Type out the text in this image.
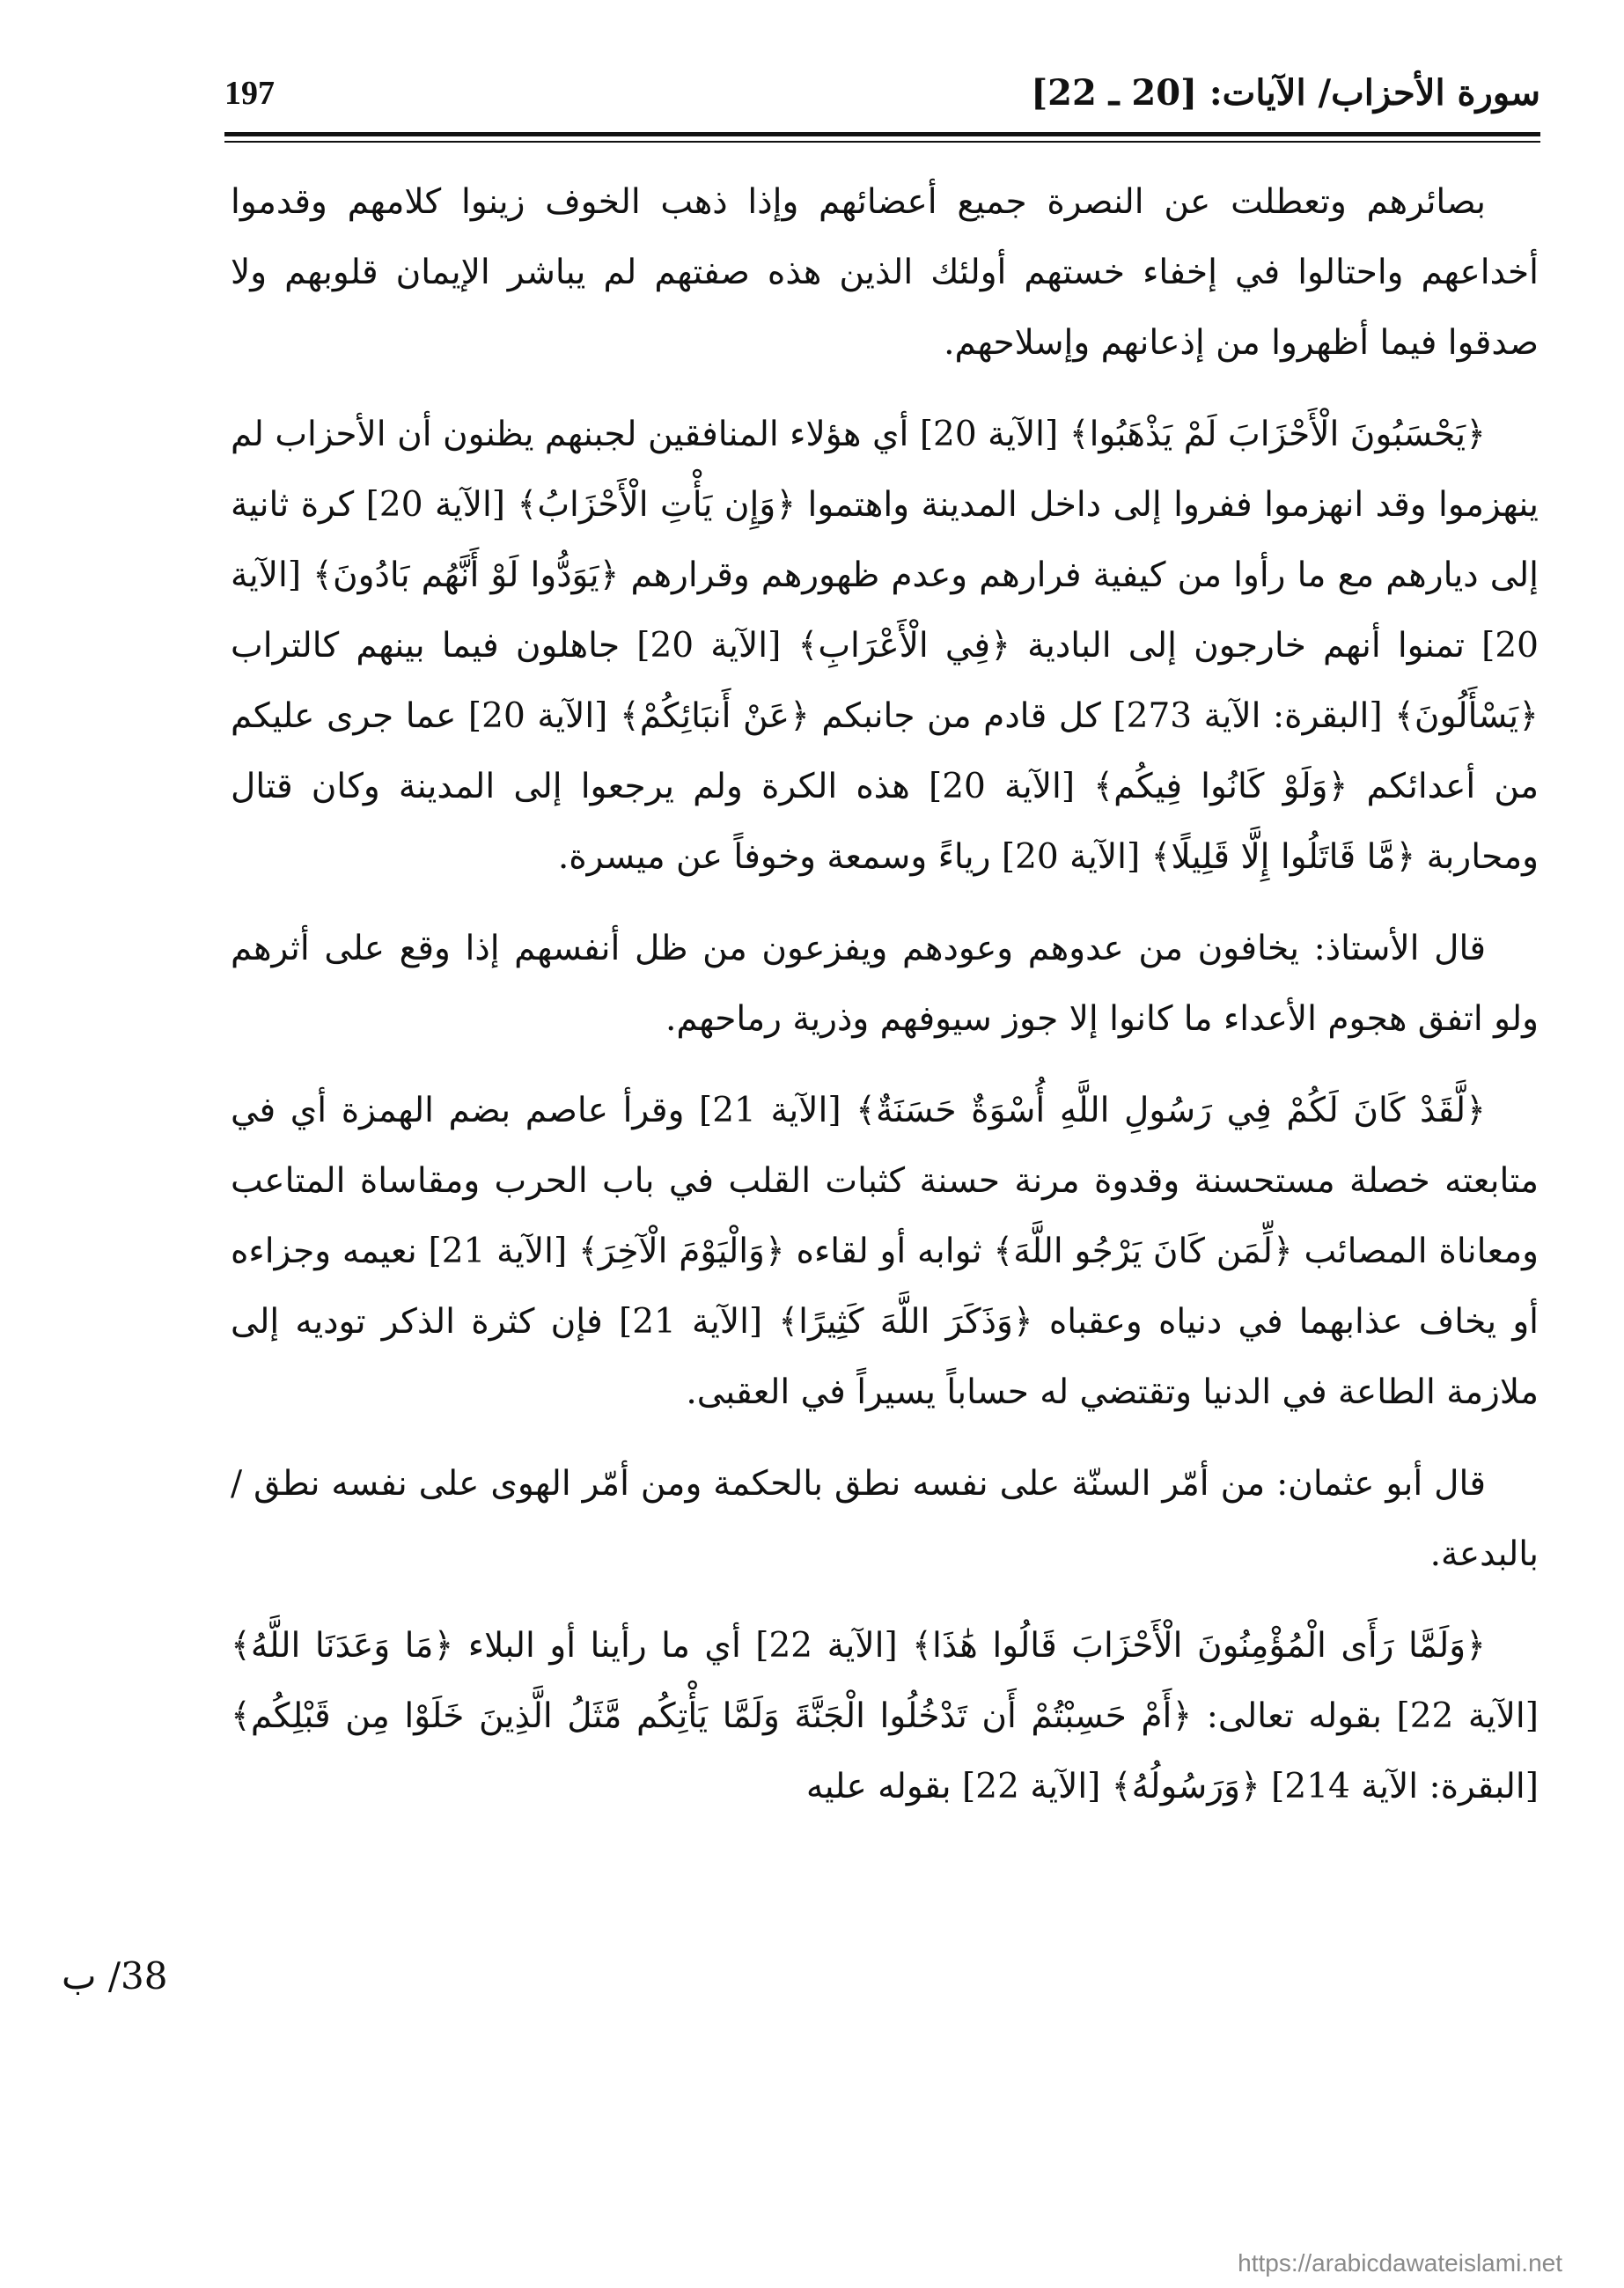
سورة الأحزاب/ الآيات: [20 ـ 22]
197

بصائرهم وتعطلت عن النصرة جميع أعضائهم وإذا ذهب الخوف زينوا كلامهم وقدموا أخداعهم واحتالوا في إخفاء خستهم أولئك الذين هذه صفتهم لم يباشر الإيمان قلوبهم ولا صدقوا فيما أظهروا من إذعانهم وإسلاحهم.

﴿يَحْسَبُونَ الْأَحْزَابَ لَمْ يَذْهَبُوا﴾ [الآية 20] أي هؤلاء المنافقين لجبنهم يظنون أن الأحزاب لم ينهزموا وقد انهزموا ففروا إلى داخل المدينة واهتموا ﴿وَإِن يَأْتِ الْأَحْزَابُ﴾ [الآية 20] كرة ثانية إلى ديارهم مع ما رأوا من كيفية فرارهم وعدم ظهورهم وقرارهم ﴿يَوَدُّوا لَوْ أَنَّهُم بَادُونَ﴾ [الآية 20] تمنوا أنهم خارجون إلى البادية ﴿فِي الْأَعْرَابِ﴾ [الآية 20] جاهلون فيما بينهم كالتراب ﴿يَسْأَلُونَ﴾ [البقرة: الآية 273] كل قادم من جانبكم ﴿عَنْ أَنبَائِكُمْ﴾ [الآية 20] عما جرى عليكم من أعدائكم ﴿وَلَوْ كَانُوا فِيكُم﴾ [الآية 20] هذه الكرة ولم يرجعوا إلى المدينة وكان قتال ومحاربة ﴿مَّا قَاتَلُوا إِلَّا قَلِيلًا﴾ [الآية 20] رياءً وسمعة وخوفاً عن ميسرة.

قال الأستاذ: يخافون من عدوهم وعودهم ويفزعون من ظل أنفسهم إذا وقع على أثرهم ولو اتفق هجوم الأعداء ما كانوا إلا جوز سيوفهم وذرية رماحهم.

﴿لَّقَدْ كَانَ لَكُمْ فِي رَسُولِ اللَّهِ أُسْوَةٌ حَسَنَةٌ﴾ [الآية 21] وقرأ عاصم بضم الهمزة أي في متابعته خصلة مستحسنة وقدوة مرنة حسنة كثبات القلب في باب الحرب ومقاساة المتاعب ومعاناة المصائب ﴿لِّمَن كَانَ يَرْجُو اللَّهَ﴾ ثوابه أو لقاءه ﴿وَالْيَوْمَ الْآخِرَ﴾ [الآية 21] نعيمه وجزاءه أو يخاف عذابهما في دنياه وعقباه ﴿وَذَكَرَ اللَّهَ كَثِيرًا﴾ [الآية 21] فإن كثرة الذكر توديه إلى ملازمة الطاعة في الدنيا وتقتضي له حساباً يسيراً في العقبى.

قال أبو عثمان: من أمّر السنّة على نفسه نطق بالحكمة ومن أمّر الهوى على نفسه نطق / بالبدعة.

﴿وَلَمَّا رَأَى الْمُؤْمِنُونَ الْأَحْزَابَ قَالُوا هَٰذَا﴾ [الآية 22] أي ما رأينا أو البلاء ﴿مَا وَعَدَنَا اللَّهُ﴾ [الآية 22] بقوله تعالى: ﴿أَمْ حَسِبْتُمْ أَن تَدْخُلُوا الْجَنَّةَ وَلَمَّا يَأْتِكُم مَّثَلُ الَّذِينَ خَلَوْا مِن قَبْلِكُم﴾ [البقرة: الآية 214] ﴿وَرَسُولُهُ﴾ [الآية 22] بقوله عليه

38/ ب
https://arabicdawateislami.net
